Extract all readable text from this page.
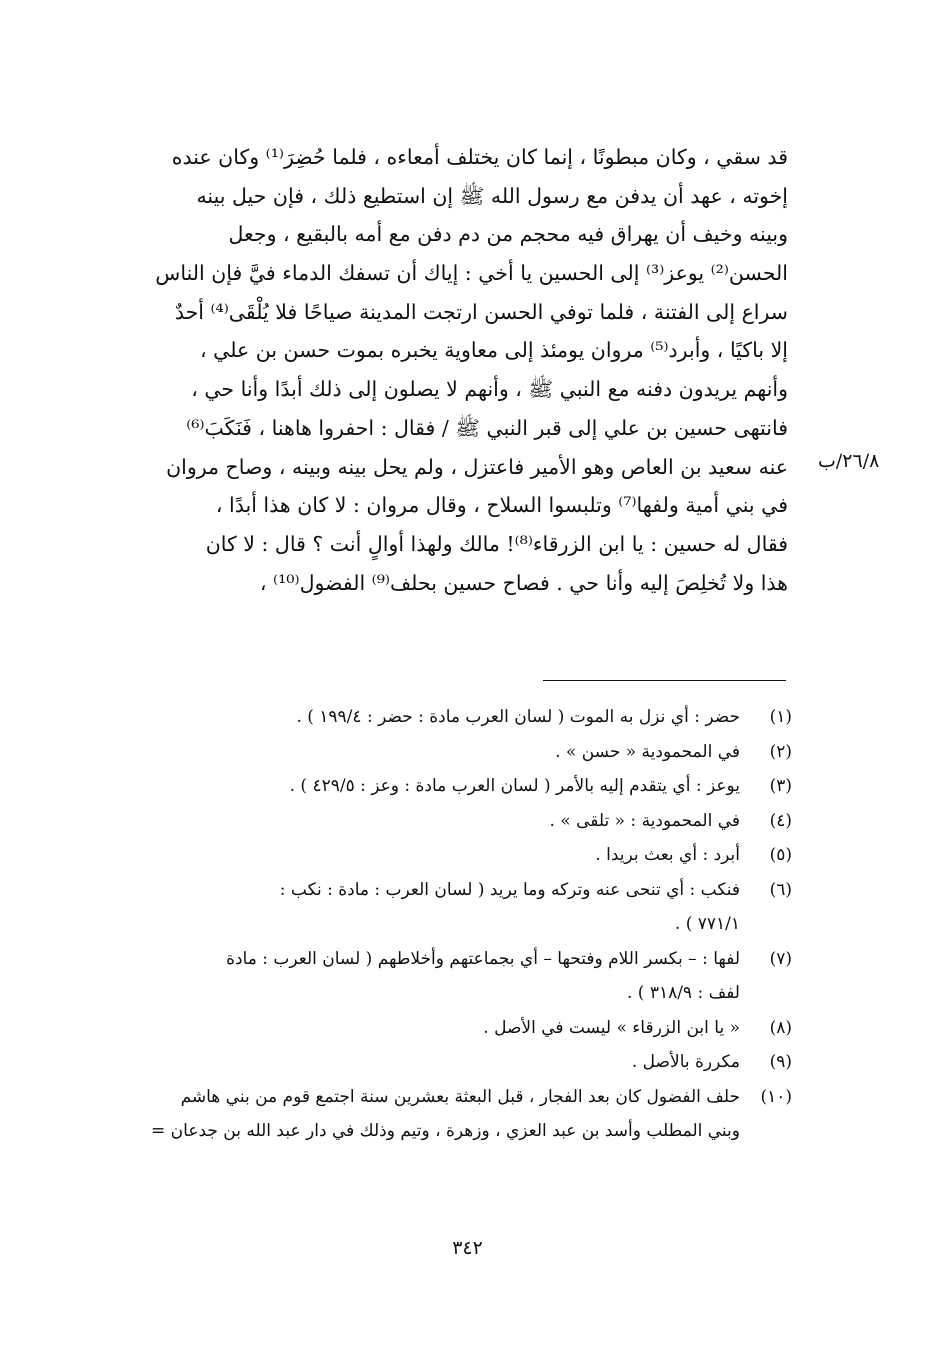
قد سقي ، وكان مبطونًا ، إنما كان يختلف أمعاءه ، فلما حُضِرَ⁽¹⁾ وكان عنده
إخوته ، عهد أن يدفن مع رسول الله ﷺ إن استطيع ذلك ، فإن حيل بينه
وبينه وخيف أن يهراق فيه محجم من دم دفن مع أمه بالبقيع ، وجعل
الحسن⁽²⁾ يوعز⁽³⁾ إلى الحسين يا أخي : إياك أن تسفك الدماء فيَّ فإن الناس
سراع إلى الفتنة ، فلما توفي الحسن ارتجت المدينة صياحًا فلا يُلْقَى⁽⁴⁾ أحدٌ
إلا باكيًا ، وأبرد⁽⁵⁾ مروان يومئذ إلى معاوية يخبره بموت حسن بن علي ،
وأنهم يريدون دفنه مع النبي ﷺ ، وأنهم لا يصلون إلى ذلك أبدًا وأنا حي ،
فانتهى حسين بن علي إلى قبر النبي ﷺ / فقال : احفروا هاهنا ، فَنَكَبَ⁽⁶⁾
عنه سعيد بن العاص وهو الأمير فاعتزل ، ولم يحل بينه وبينه ، وصاح مروان
في بني أمية ولفها⁽⁷⁾ وتلبسوا السلاح ، وقال مروان : لا كان هذا أبدًا ،
فقال له حسين : يا ابن الزرقاء⁽⁸⁾! مالك ولهذا أوالٍ أنت ؟ قال : لا كان
هذا ولا تُخلِصَ إليه وأنا حي . فصاح حسين بحلف⁽⁹⁾ الفضول⁽¹⁰⁾ ،
٢٦/٨/ب
(١)
حضر : أي نزل به الموت ( لسان العرب مادة : حضر : ١٩٩/٤ ) .
(٢)
في المحمودية « حسن » .
(٣)
يوعز : أي يتقدم إليه بالأمر ( لسان العرب مادة : وعز : ٤٢٩/٥ ) .
(٤)
في المحمودية : « تلقى » .
(٥)
أبرد : أي بعث بريدا .
(٦)
فنكب : أي تنحى عنه وتركه وما يريد ( لسان العرب : مادة : نكب :
٧٧١/١ ) .
(٧)
لفها : – بكسر اللام وفتحها – أي بجماعتهم وأخلاطهم ( لسان العرب : مادة
لفف : ٣١٨/٩ ) .
(٨)
« يا ابن الزرقاء » ليست في الأصل .
(٩)
مكررة بالأصل .
(١٠)
حلف الفضول كان بعد الفجار ، قبل البعثة بعشرين سنة اجتمع قوم من بني هاشم
وبني المطلب وأسد بن عبد العزي ، وزهرة ، وتيم وذلك في دار عبد الله بن جدعان =
٣٤٢
